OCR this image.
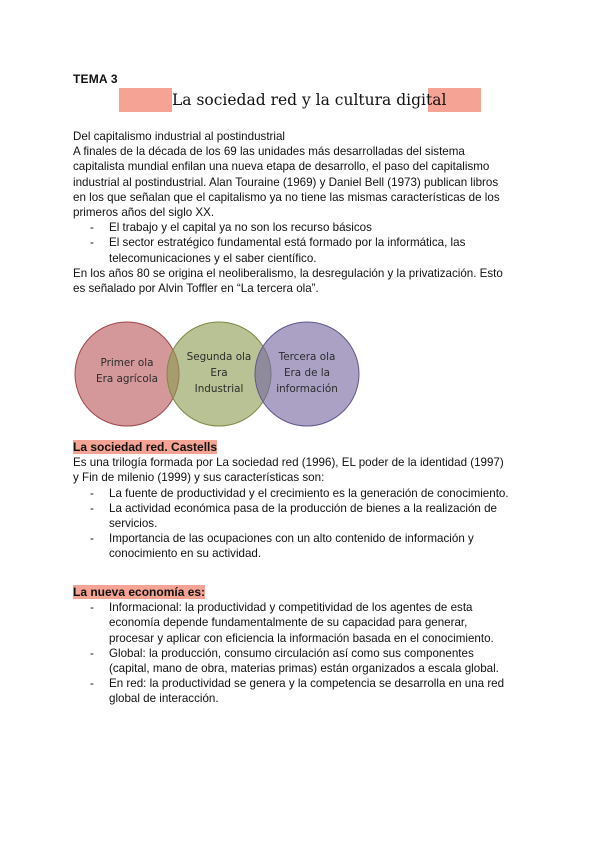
TEMA 3
La sociedad red y la cultura digital

Del capitalismo industrial al postindustrial

A finales de la década de los 69 las unidades más desarrolladas del sistema

capitalista mundial enfilan una nueva etapa de desarrollo, el paso del capitalismo

industrial al postindustrial. Alan Touraine (1969) y Daniel Bell (1973) publican libros

en los que señalan que el capitalismo ya no tiene las mismas características de los

primeros años del siglo XX.

- El trabajo y el capital ya no son los recurso básicos

- El sector estratégico fundamental está formado por la informática, las

telecomunicaciones y el saber científico.

En los años 80 se origina el neoliberalismo, la desregulación y la privatización. Esto

es señalado por Alvin Toffler en “La tercera ola”.

Primer ola
Era agrícola
Segunda ola
Era
Industrial
Tercera ola
Era de la
información

La sociedad red. Castells

Es una trilogía formada por La sociedad red (1996), EL poder de la identidad (1997)

y Fin de milenio (1999) y sus características son:

- La fuente de productividad y el crecimiento es la generación de conocimiento.

- La actividad económica pasa de la producción de bienes a la realización de

servicios.

- Importancia de las ocupaciones con un alto contenido de información y

conocimiento en su actividad.

La nueva economía es:

- Informacional: la productividad y competitividad de los agentes de esta

economía depende fundamentalmente de su capacidad para generar,

procesar y aplicar con eficiencia la información basada en el conocimiento.

- Global: la producción, consumo circulación así como sus componentes

(capital, mano de obra, materias primas) están organizados a escala global.

- En red: la productividad se genera y la competencia se desarrolla en una red

global de interacción.
